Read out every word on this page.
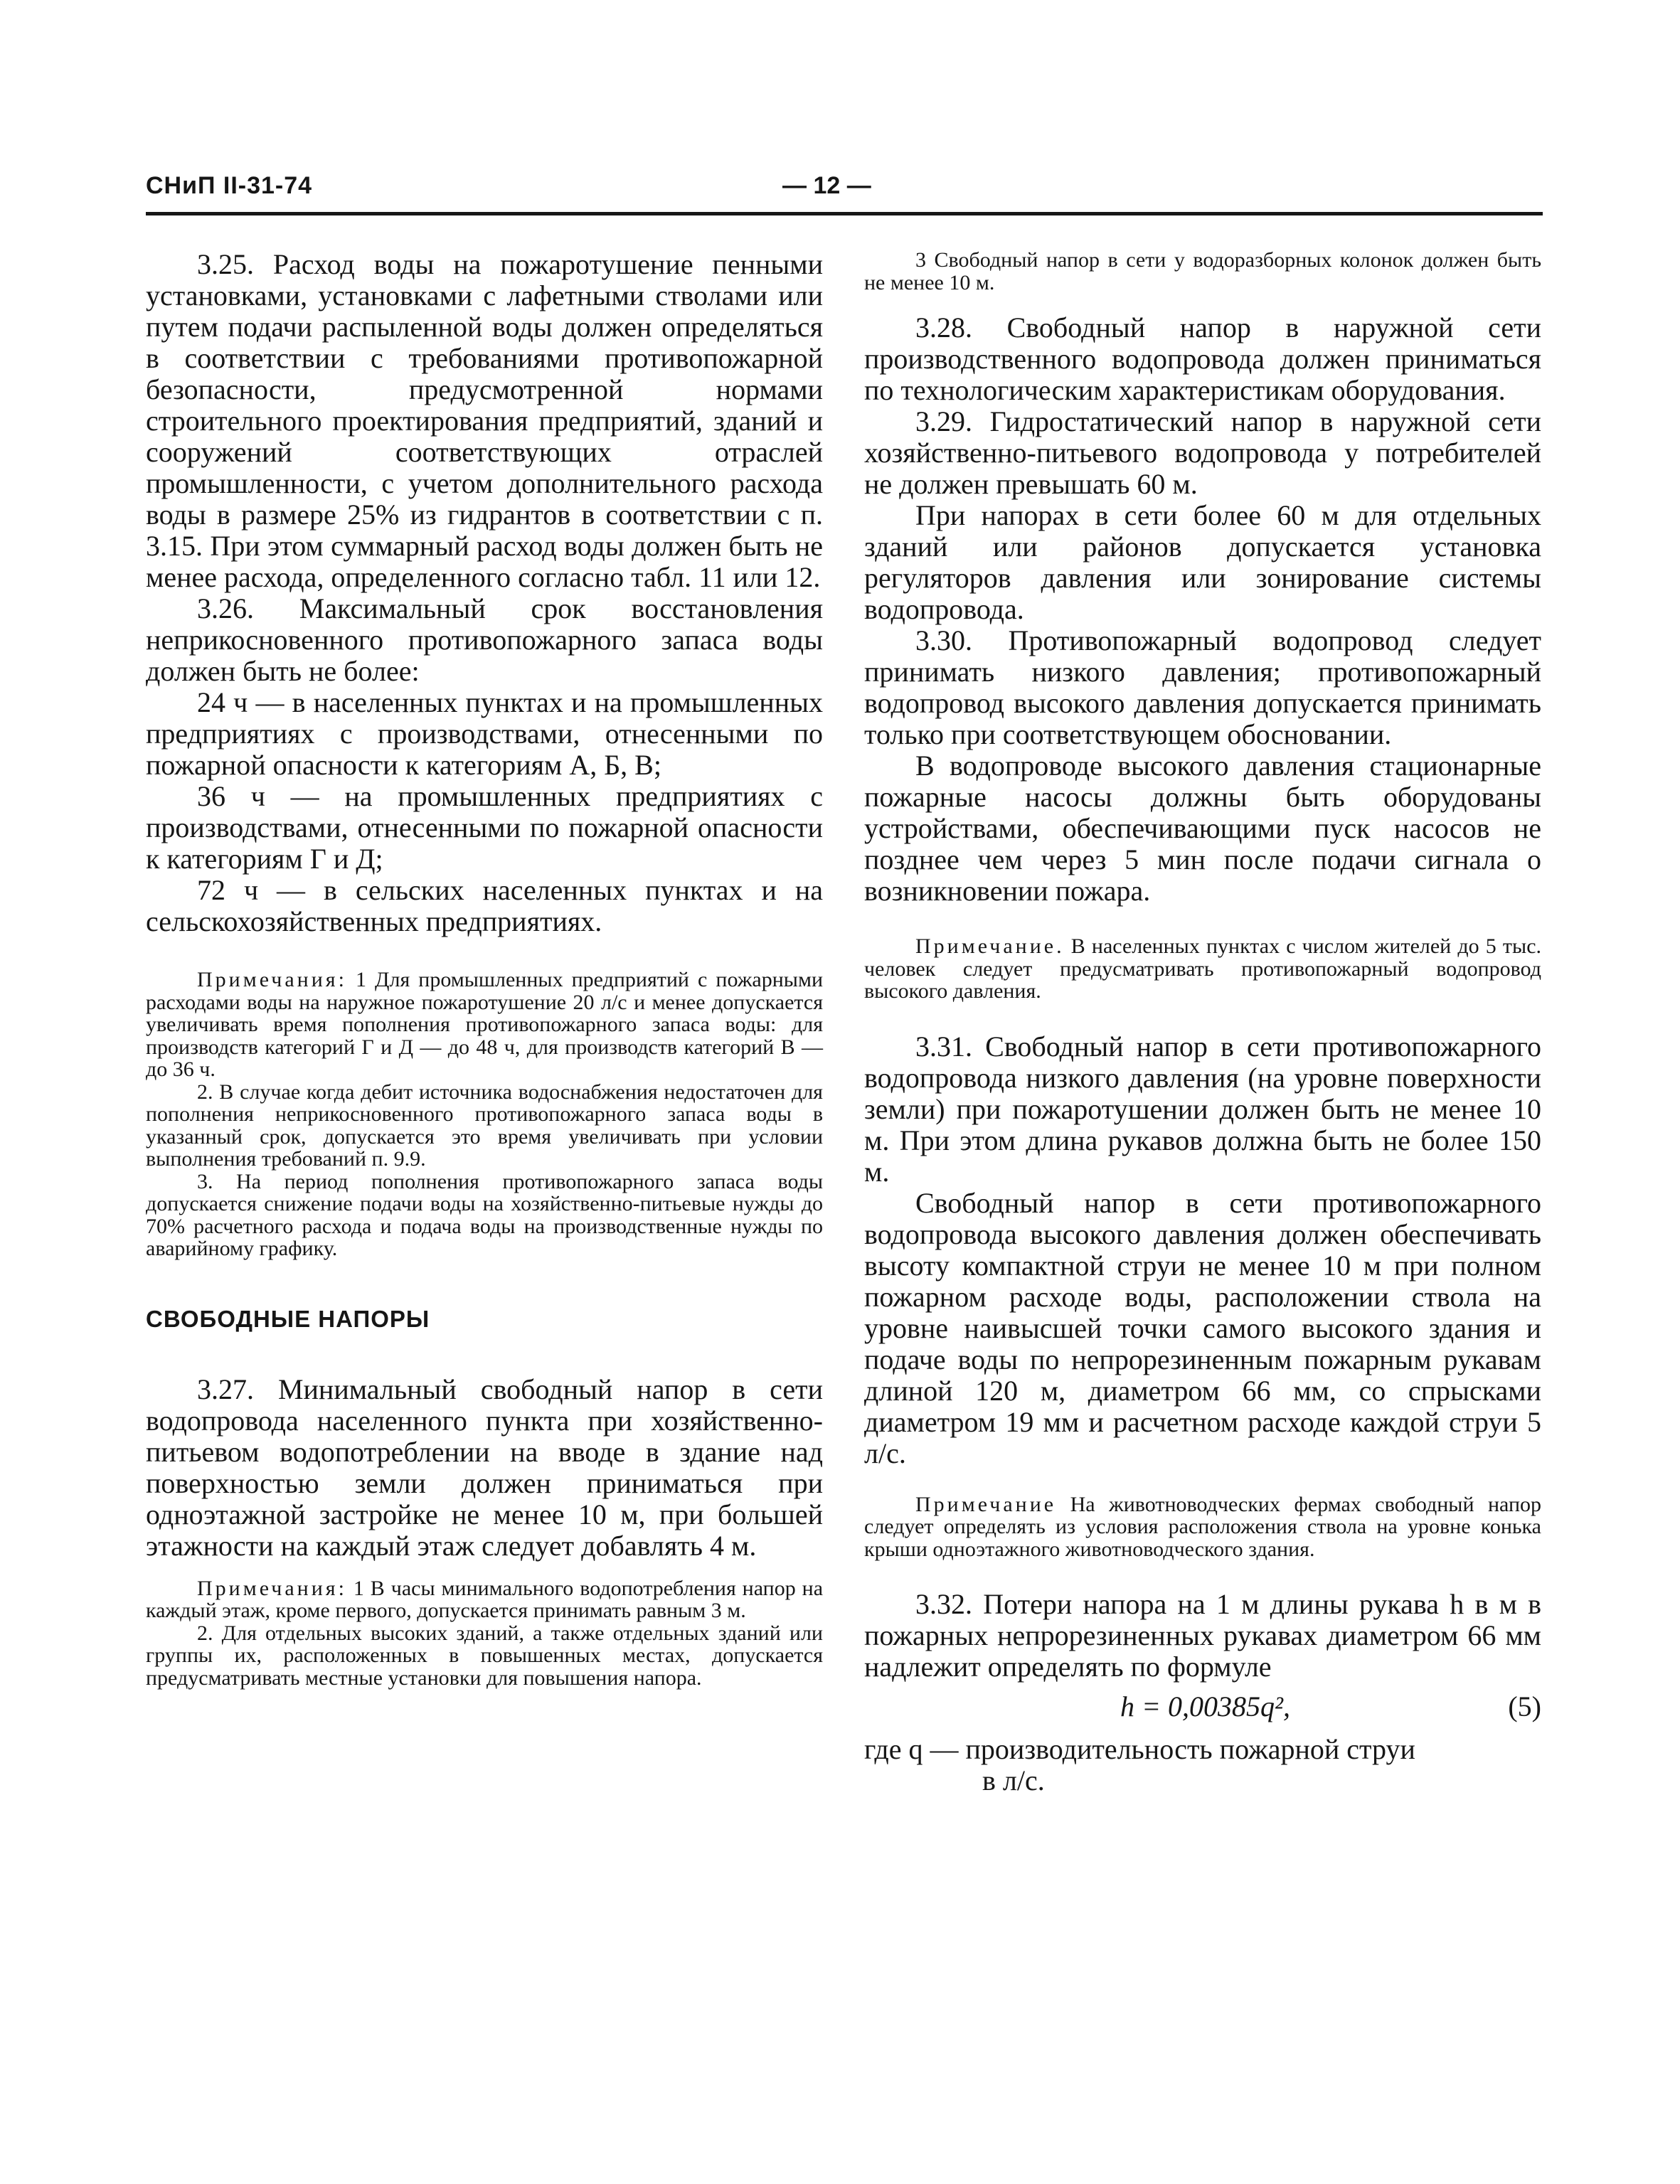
СНиП II-31-74	— 12 —

3.25. Расход воды на пожаротушение пенными установками, установками с лафетными стволами или путем подачи распыленной воды должен определяться в соответствии с требованиями противопожарной безопасности, предусмотренной нормами строительного проектирования предприятий, зданий и сооружений соответствующих отраслей промышленности, с учетом дополнительного расхода воды в размере 25% из гидрантов в соответствии с п. 3.15. При этом суммарный расход воды должен быть не менее расхода, определенного согласно табл. 11 или 12.

3.26. Максимальный срок восстановления неприкосновенного противопожарного запаса воды должен быть не более:

24 ч — в населенных пунктах и на промышленных предприятиях с производствами, отнесенными по пожарной опасности к категориям А, Б, В;

36 ч — на промышленных предприятиях с производствами, отнесенными по пожарной опасности к категориям Г и Д;

72 ч — в сельских населенных пунктах и на сельскохозяйственных предприятиях.

Примечания: 1 Для промышленных предприятий с пожарными расходами воды на наружное пожаротушение 20 л/с и менее допускается увеличивать время пополнения противопожарного запаса воды: для производств категорий Г и Д — до 48 ч, для производств категорий В — до 36 ч.

2. В случае когда дебит источника водоснабжения недостаточен для пополнения неприкосновенного противопожарного запаса воды в указанный срок, допускается это время увеличивать при условии выполнения требований п. 9.9.

3. На период пополнения противопожарного запаса воды допускается снижение подачи воды на хозяйственно-питьевые нужды до 70% расчетного расхода и подача воды на производственные нужды по аварийному графику.

СВОБОДНЫЕ НАПОРЫ

3.27. Минимальный свободный напор в сети водопровода населенного пункта при хозяйственно-питьевом водопотреблении на вводе в здание над поверхностью земли должен приниматься при одноэтажной застройке не менее 10 м, при большей этажности на каждый этаж следует добавлять 4 м.

Примечания: 1 В часы минимального водопотребления напор на каждый этаж, кроме первого, допускается принимать равным 3 м.

2. Для отдельных высоких зданий, а также отдельных зданий или группы их, расположенных в повышенных местах, допускается предусматривать местные установки для повышения напора.

3 Свободный напор в сети у водоразборных колонок должен быть не менее 10 м.

3.28. Свободный напор в наружной сети производственного водопровода должен приниматься по технологическим характеристикам оборудования.

3.29. Гидростатический напор в наружной сети хозяйственно-питьевого водопровода у потребителей не должен превышать 60 м.

При напорах в сети более 60 м для отдельных зданий или районов допускается установка регуляторов давления или зонирование системы водопровода.

3.30. Противопожарный водопровод следует принимать низкого давления; противопожарный водопровод высокого давления допускается принимать только при соответствующем обосновании.

В водопроводе высокого давления стационарные пожарные насосы должны быть оборудованы устройствами, обеспечивающими пуск насосов не позднее чем через 5 мин после подачи сигнала о возникновении пожара.

Примечание. В населенных пунктах с числом жителей до 5 тыс. человек следует предусматривать противопожарный водопровод высокого давления.

3.31. Свободный напор в сети противопожарного водопровода низкого давления (на уровне поверхности земли) при пожаротушении должен быть не менее 10 м. При этом длина рукавов должна быть не более 150 м.

Свободный напор в сети противопожарного водопровода высокого давления должен обеспечивать высоту компактной струи не менее 10 м при полном пожарном расходе воды, расположении ствола на уровне наивысшей точки самого высокого здания и подаче воды по непрорезиненным пожарным рукавам длиной 120 м, диаметром 66 мм, со спрысками диаметром 19 мм и расчетном расходе каждой струи 5 л/с.

Примечание На животноводческих фермах свободный напор следует определять из условия расположения ствола на уровне конька крыши одноэтажного животноводческого здания.

3.32. Потери напора на 1 м длины рукава h в м в пожарных непрорезиненных рукавах диаметром 66 мм надлежит определять по формуле

h = 0,00385q²,	(5)

где q — производительность пожарной струи

в л/с.
